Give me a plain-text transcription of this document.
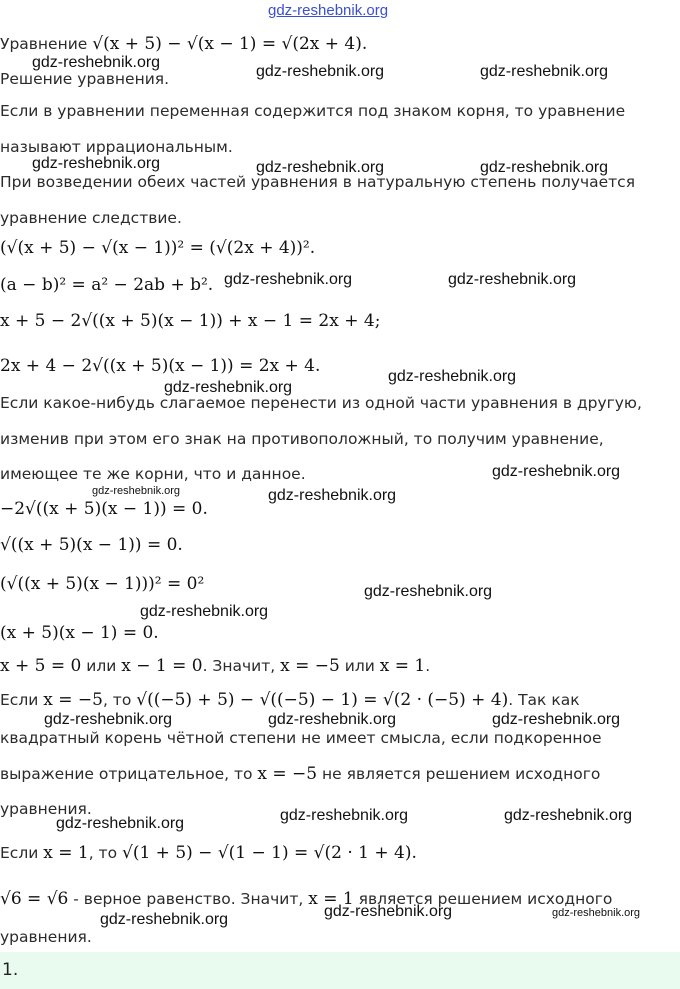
gdz-reshebnik.org
Уравнение √(x + 5) − √(x − 1) = √(2x + 4).
Решение уравнения.
Если в уравнении переменная содержится под знаком корня, то уравнение
называют иррациональным.
При возведении обеих частей уравнения в натуральную степень получается
уравнение следствие.
(√(x + 5) − √(x − 1))² = (√(2x + 4))².
(a − b)² = a² − 2ab + b².
x + 5 − 2√((x + 5)(x − 1)) + x − 1 = 2x + 4;
2x + 4 − 2√((x + 5)(x − 1)) = 2x + 4.
Если какое-нибудь слагаемое перенести из одной части уравнения в другую,
изменив при этом его знак на противоположный, то получим уравнение,
имеющее те же корни, что и данное.
−2√((x + 5)(x − 1)) = 0.
√((x + 5)(x − 1)) = 0.
(√((x + 5)(x − 1)))² = 0²
(x + 5)(x − 1) = 0.
x + 5 = 0 или x − 1 = 0. Значит, x = −5 или x = 1.
Если x = −5, то √((−5) + 5) − √((−5) − 1) = √(2 · (−5) + 4). Так как
квадратный корень чётной степени не имеет смысла, если подкоренное
выражение отрицательное, то x = −5 не является решением исходного
уравнения.
Если x = 1, то √(1 + 5) − √(1 − 1) = √(2 · 1 + 4).
√6 = √6 - верное равенство. Значит, x = 1 является решением исходного
уравнения.
gdz-reshebnik.org
gdz-reshebnik.org	gdz-reshebnik.org
gdz-reshebnik.org	gdz-reshebnik.org	gdz-reshebnik.org
gdz-reshebnik.org	gdz-reshebnik.org
gdz-reshebnik.org
gdz-reshebnik.org
gdz-reshebnik.org
gdz-reshebnik.org	gdz-reshebnik.org
gdz-reshebnik.org
gdz-reshebnik.org
gdz-reshebnik.org	gdz-reshebnik.org	gdz-reshebnik.org
gdz-reshebnik.org	gdz-reshebnik.org
gdz-reshebnik.org
gdz-reshebnik.org	gdz-reshebnik.org
gdz-reshebnik.org
1.
